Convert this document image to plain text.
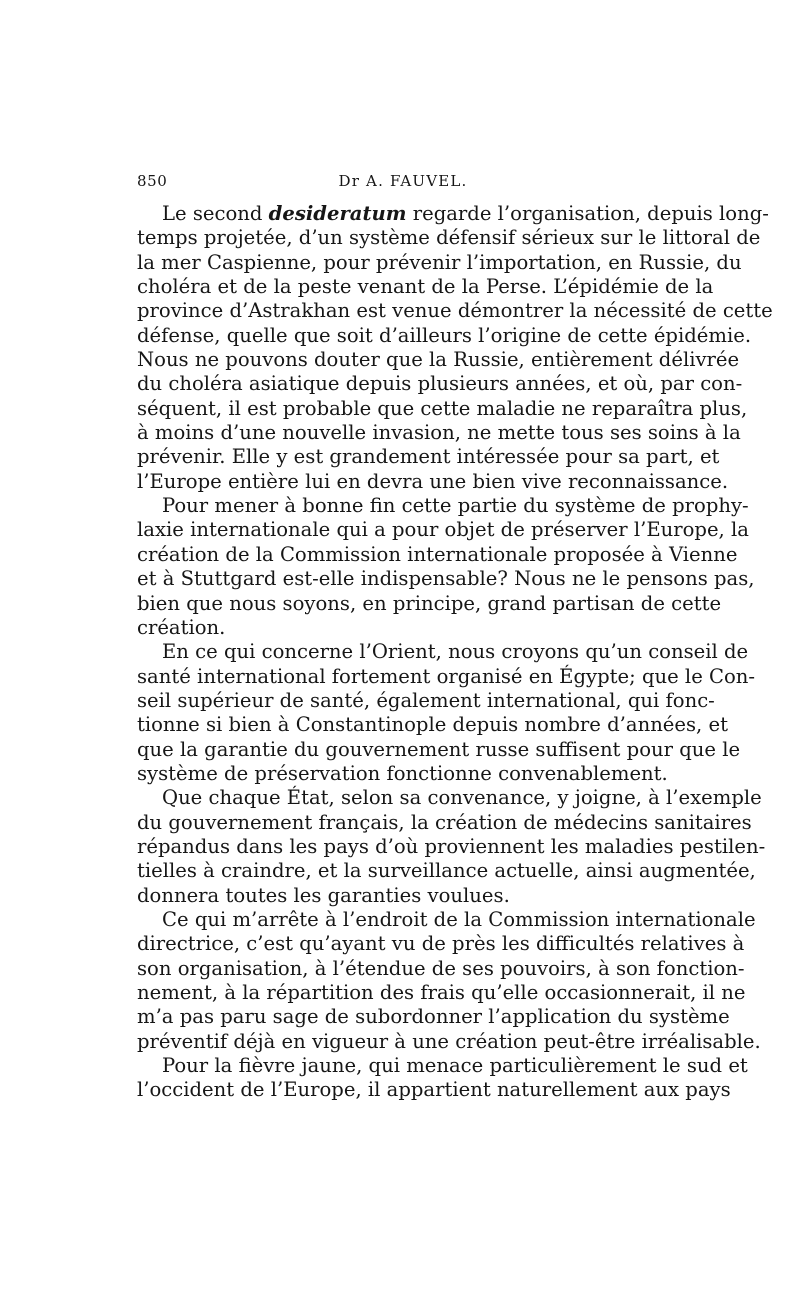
850	Dr A. FAUVEL.
Le second desideratum regarde l’organisation, depuis long-
temps projetée, d’un système défensif sérieux sur le littoral de
la mer Caspienne, pour prévenir l’importation, en Russie, du
choléra et de la peste venant de la Perse. L’épidémie de la
province d’Astrakhan est venue démontrer la nécessité de cette
défense, quelle que soit d’ailleurs l’origine de cette épidémie.
Nous ne pouvons douter que la Russie, entièrement délivrée
du choléra asiatique depuis plusieurs années, et où, par con-
séquent, il est probable que cette maladie ne reparaîtra plus,
à moins d’une nouvelle invasion, ne mette tous ses soins à la
prévenir. Elle y est grandement intéressée pour sa part, et
l’Europe entière lui en devra une bien vive reconnaissance.
Pour mener à bonne fin cette partie du système de prophy-
laxie internationale qui a pour objet de préserver l’Europe, la
création de la Commission internationale proposée à Vienne
et à Stuttgard est-elle indispensable? Nous ne le pensons pas,
bien que nous soyons, en principe, grand partisan de cette
création.
En ce qui concerne l’Orient, nous croyons qu’un conseil de
santé international fortement organisé en Égypte; que le Con-
seil supérieur de santé, également international, qui fonc-
tionne si bien à Constantinople depuis nombre d’années, et
que la garantie du gouvernement russe suffisent pour que le
système de préservation fonctionne convenablement.
Que chaque État, selon sa convenance, y joigne, à l’exemple
du gouvernement français, la création de médecins sanitaires
répandus dans les pays d’où proviennent les maladies pestilen-
tielles à craindre, et la surveillance actuelle, ainsi augmentée,
donnera toutes les garanties voulues.
Ce qui m’arrête à l’endroit de la Commission internationale
directrice, c’est qu’ayant vu de près les difficultés relatives à
son organisation, à l’étendue de ses pouvoirs, à son fonction-
nement, à la répartition des frais qu’elle occasionnerait, il ne
m’a pas paru sage de subordonner l’application du système
préventif déjà en vigueur à une création peut-être irréalisable.
Pour la fièvre jaune, qui menace particulièrement le sud et
l’occident de l’Europe, il appartient naturellement aux pays
